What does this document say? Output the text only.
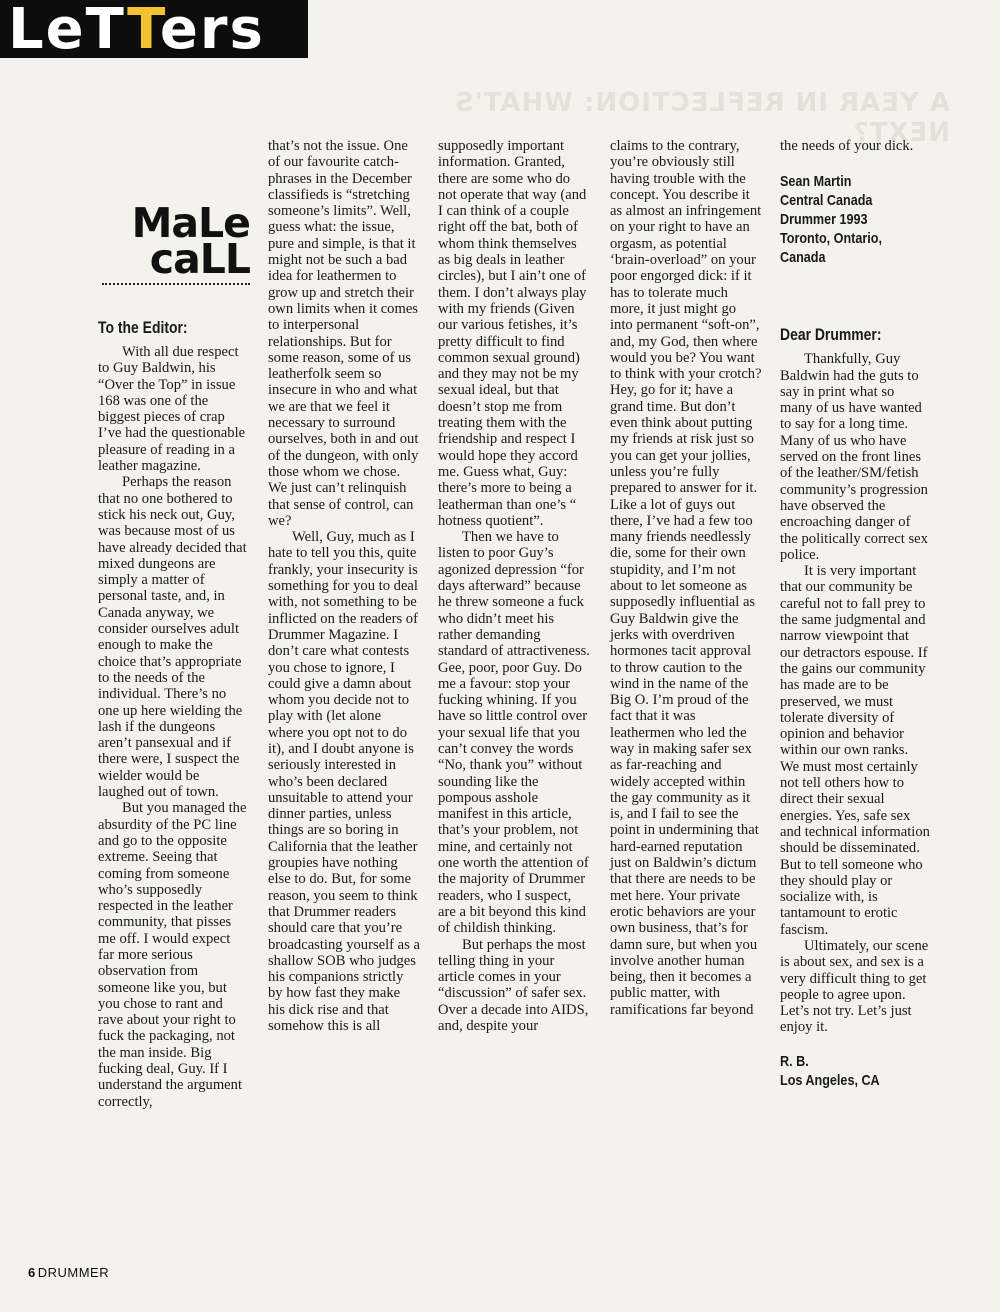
LeTTers
A YEAR IN REFLECTION: WHAT'S NEXT?
MaLe
caLL
To the Editor:

With all due respect to Guy Baldwin, his “Over the Top” in issue 168 was one of the biggest pieces of crap I’ve had the questionable pleasure of reading in a leather magazine.

Perhaps the reason that no one bothered to stick his neck out, Guy, was because most of us have already decided that mixed dungeons are simply a matter of personal taste, and, in Canada anyway, we consider ourselves adult enough to make the choice that’s appropriate to the needs of the individual. There’s no one up here wielding the lash if the dungeons aren’t pansexual and if there were, I suspect the wielder would be laughed out of town.

But you managed the absurdity of the PC line and go to the opposite extreme. Seeing that coming from someone who’s supposedly respected in the leather community, that pisses me off. I would expect far more serious observation from someone like you, but you chose to rant and rave about your right to fuck the packaging, not the man inside. Big fucking deal, Guy. If I understand the argument correctly,

that’s not the issue. One of our favourite catch-phrases in the December classifieds is “stretching someone’s limits”. Well, guess what: the issue, pure and simple, is that it might not be such a bad idea for leathermen to grow up and stretch their own limits when it comes to interpersonal relationships. But for some reason, some of us leatherfolk seem so insecure in who and what we are that we feel it necessary to surround ourselves, both in and out of the dungeon, with only those whom we chose. We just can’t relinquish that sense of control, can we?

Well, Guy, much as I hate to tell you this, quite frankly, your insecurity is something for you to deal with, not something to be inflicted on the readers of Drummer Magazine. I don’t care what contests you chose to ignore, I could give a damn about whom you decide not to play with (let alone where you opt not to do it), and I doubt anyone is seriously interested in who’s been declared unsuitable to attend your dinner parties, unless things are so boring in California that the leather groupies have nothing else to do. But, for some reason, you seem to think that Drummer readers should care that you’re broadcasting yourself as a shallow SOB who judges his companions strictly by how fast they make his dick rise and that somehow this is all

supposedly important information. Granted, there are some who do not operate that way (and I can think of a couple right off the bat, both of whom think themselves as big deals in leather circles), but I ain’t one of them. I don’t always play with my friends (Given our various fetishes, it’s pretty difficult to find common sexual ground) and they may not be my sexual ideal, but that doesn’t stop me from treating them with the friendship and respect I would hope they accord me. Guess what, Guy: there’s more to being a leatherman than one’s “ hotness quotient”.

Then we have to listen to poor Guy’s agonized depression “for days afterward” because he threw someone a fuck who didn’t meet his rather demanding standard of attractiveness. Gee, poor, poor Guy. Do me a favour: stop your fucking whining. If you have so little control over your sexual life that you can’t convey the words “No, thank you” without sounding like the pompous asshole manifest in this article, that’s your problem, not mine, and certainly not one worth the attention of the majority of Drummer readers, who I suspect, are a bit beyond this kind of childish thinking.

But perhaps the most telling thing in your article comes in your “discussion” of safer sex. Over a decade into AIDS, and, despite your

claims to the contrary, you’re obviously still having trouble with the concept. You describe it as almost an infringement on your right to have an orgasm, as potential ‘brain-overload” on your poor engorged dick: if it has to tolerate much more, it just might go into permanent “soft-on”, and, my God, then where would you be? You want to think with your crotch? Hey, go for it; have a grand time. But don’t even think about putting my friends at risk just so you can get your jollies, unless you’re fully prepared to answer for it. Like a lot of guys out there, I’ve had a few too many friends needlessly die, some for their own stupidity, and I’m not about to let someone as supposedly influential as Guy Baldwin give the jerks with overdriven hormones tacit approval to throw caution to the wind in the name of the Big O. I’m proud of the fact that it was leathermen who led the way in making safer sex as far-reaching and widely accepted within the gay community as it is, and I fail to see the point in undermining that hard-earned reputation just on Baldwin’s dictum that there are needs to be met here. Your private erotic behaviors are your own business, that’s for damn sure, but when you involve another human being, then it becomes a public matter, with ramifications far beyond

the needs of your dick.

Sean Martin
Central Canada
Drummer 1993
Toronto, Ontario,
Canada
Dear Drummer:

Thankfully, Guy Baldwin had the guts to say in print what so many of us have wanted to say for a long time. Many of us who have served on the front lines of the leather/SM/fetish community’s progression have observed the encroaching danger of the politically correct sex police.

It is very important that our community be careful not to fall prey to the same judgmental and narrow viewpoint that our detractors espouse. If the gains our community has made are to be preserved, we must tolerate diversity of opinion and behavior within our own ranks. We must most certainly not tell others how to direct their sexual energies. Yes, safe sex and technical information should be disseminated. But to tell someone who they should play or socialize with, is tantamount to erotic fascism.

Ultimately, our scene is about sex, and sex is a very difficult thing to get people to agree upon. Let’s not try. Let’s just enjoy it.

R. B.
Los Angeles, CA
6 DRUMMER
